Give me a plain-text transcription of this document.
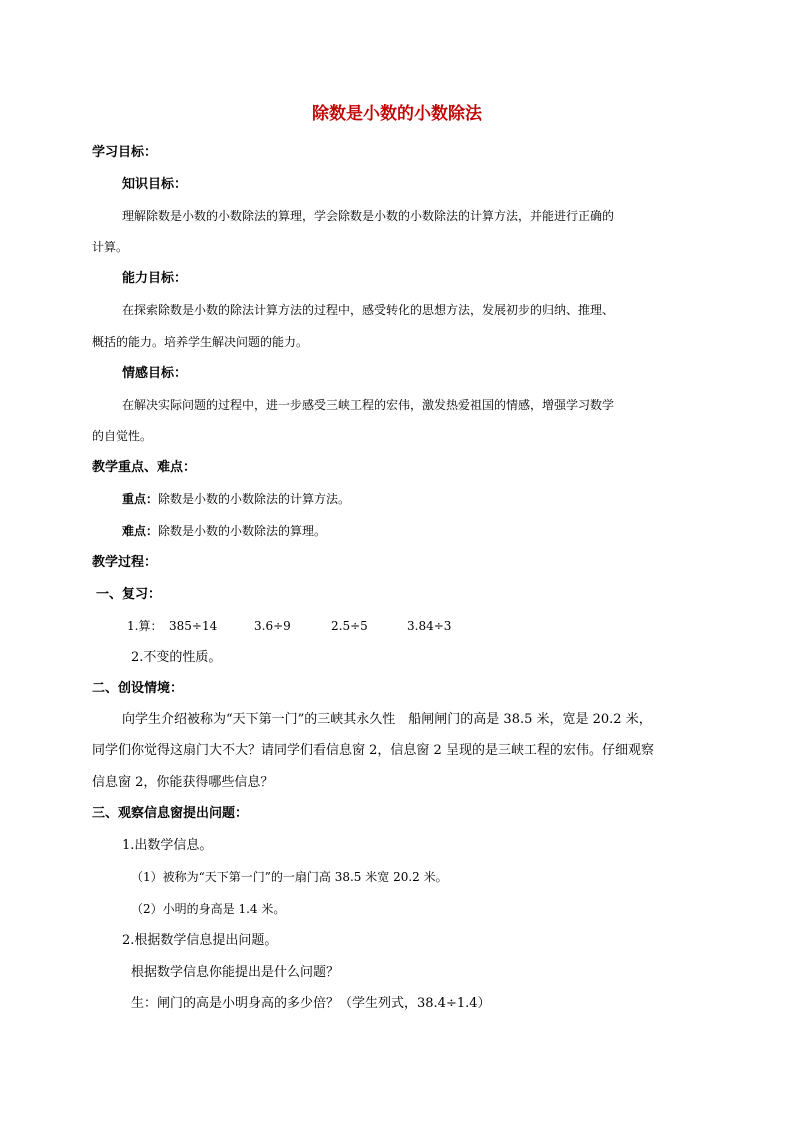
除数是小数的小数除法
学习目标：
知识目标：
理解除数是小数的小数除法的算理，学会除数是小数的小数除法的计算方法，并能进行正确的
计算。
能力目标：
在探索除数是小数的除法计算方法的过程中，感受转化的思想方法，发展初步的归纳、推理、
概括的能力。培养学生解决问题的能力。
情感目标：
在解决实际问题的过程中，进一步感受三峡工程的宏伟，激发热爱祖国的情感，增强学习数学
的自觉性。
教学重点、难点：
重点：除数是小数的小数除法的计算方法。
难点：除数是小数的小数除法的算理。
教学过程：
一、复习：
1.算： 385÷14	3.6÷9	2.5÷5	3.84÷3
2.不变的性质。
二、创设情境：
向学生介绍被称为“天下第一门”的三峡其永久性　船闸闸门的高是 38.5 米，宽是 20.2 米，
同学们你觉得这扇门大不大？请同学们看信息窗 2，信息窗 2 呈现的是三峡工程的宏伟。仔细观察
信息窗 2，你能获得哪些信息？
三、观察信息窗提出问题：
1.出数学信息。
（1）被称为“天下第一门”的一扇门高 38.5 米宽 20.2 米。
（2）小明的身高是 1.4 米。
2.根据数学信息提出问题。
根据数学信息你能提出是什么问题？
生：闸门的高是小明身高的多少倍？（学生列式，38.4÷1.4）
